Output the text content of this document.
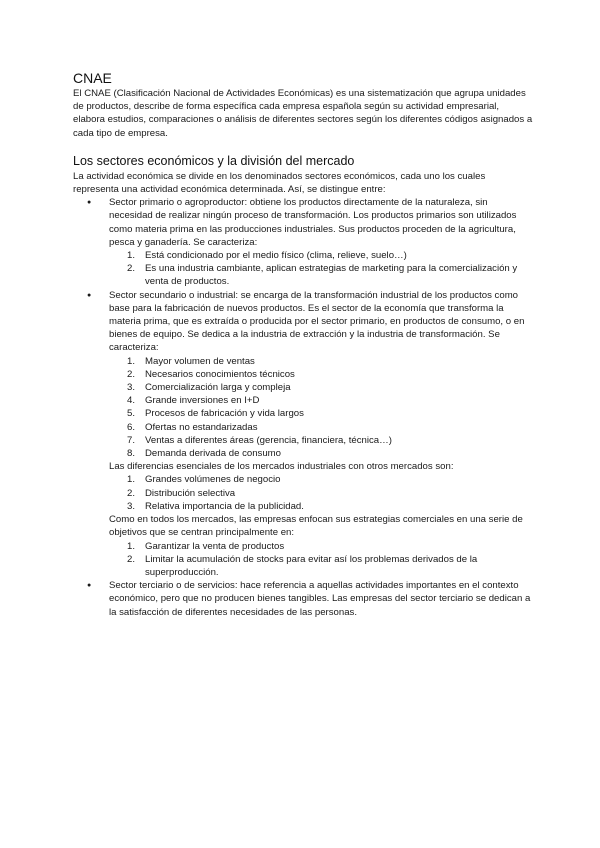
CNAE

El CNAE (Clasificación Nacional de Actividades Económicas) es una sistematización que agrupa unidades de productos, describe de forma específica cada empresa española según su actividad empresarial, elabora estudios, comparaciones o análisis de diferentes sectores según los diferentes códigos asignados a cada tipo de empresa.

Los sectores económicos y la división del mercado

La actividad económica se divide en los denominados sectores económicos, cada uno los cuales representa una actividad económica determinada. Así, se distingue entre:

● Sector primario o agroproductor: obtiene los productos directamente de la naturaleza, sin necesidad de realizar ningún proceso de transformación. Los productos primarios son utilizados como materia prima en las producciones industriales. Sus productos proceden de la agricultura, pesca y ganadería. Se caracteriza:
1. Está condicionado por el medio físico (clima, relieve, suelo…)
2. Es una industria cambiante, aplican estrategias de marketing para la comercialización y venta de productos.
● Sector secundario o industrial: se encarga de la transformación industrial de los productos como base para la fabricación de nuevos productos. Es el sector de la economía que transforma la materia prima, que es extraída o producida por el sector primario, en productos de consumo, o en bienes de equipo. Se dedica a la industria de extracción y la industria de transformación. Se caracteriza:
1. Mayor volumen de ventas
2. Necesarios conocimientos técnicos
3. Comercialización larga y compleja
4. Grande inversiones en I+D
5. Procesos de fabricación y vida largos
6. Ofertas no estandarizadas
7. Ventas a diferentes áreas (gerencia, financiera, técnica…)
8. Demanda derivada de consumo

Las diferencias esenciales de los mercados industriales con otros mercados son:

1. Grandes volúmenes de negocio
2. Distribución selectiva
3. Relativa importancia de la publicidad.

Como en todos los mercados, las empresas enfocan sus estrategias comerciales en una serie de objetivos que se centran principalmente en:

1. Garantizar la venta de productos
2. Limitar la acumulación de stocks para evitar así los problemas derivados de la superproducción.
● Sector terciario o de servicios: hace referencia a aquellas actividades importantes en el contexto económico, pero que no producen bienes tangibles. Las empresas del sector terciario se dedican a la satisfacción de diferentes necesidades de las personas.
